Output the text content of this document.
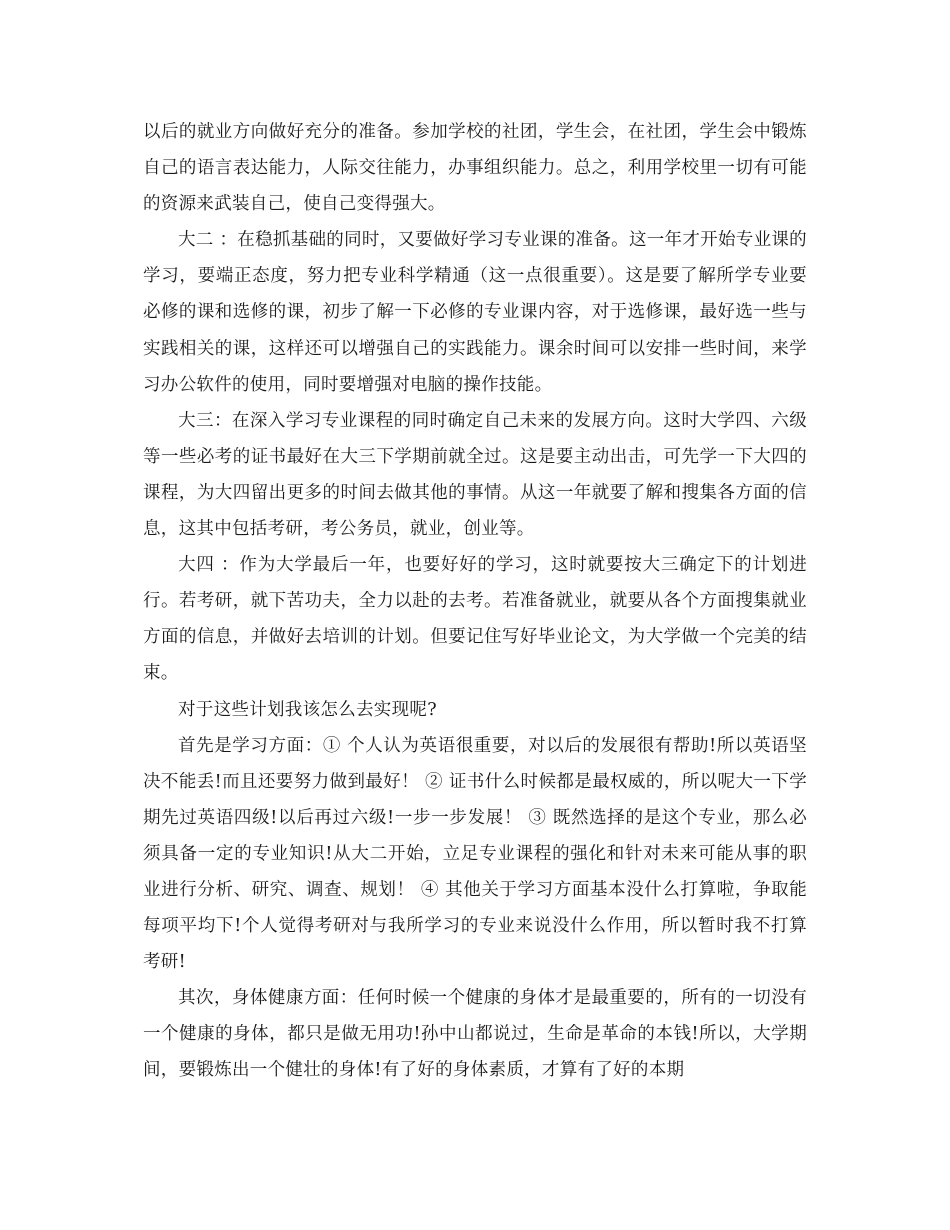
以后的就业方向做好充分的准备。参加学校的社团，学生会，在社团，学生会中锻炼自己的语言表达能力，人际交往能力，办事组织能力。总之，利用学校里一切有可能的资源来武装自己，使自己变得强大。

大二 ：在稳抓基础的同时，又要做好学习专业课的准备。这一年才开始专业课的学习，要端正态度，努力把专业科学精通（这一点很重要）。这是要了解所学专业要必修的课和选修的课，初步了解一下必修的专业课内容，对于选修课，最好选一些与实践相关的课，这样还可以增强自己的实践能力。课余时间可以安排一些时间，来学习办公软件的使用，同时要增强对电脑的操作技能。

大三：在深入学习专业课程的同时确定自己未来的发展方向。这时大学四、六级等一些必考的证书最好在大三下学期前就全过。这是要主动出击，可先学一下大四的课程，为大四留出更多的时间去做其他的事情。从这一年就要了解和搜集各方面的信息，这其中包括考研，考公务员，就业，创业等。

大四 ：作为大学最后一年，也要好好的学习，这时就要按大三确定下的计划进行。若考研，就下苦功夫，全力以赴的去考。若准备就业，就要从各个方面搜集就业方面的信息，并做好去培训的计划。但要记住写好毕业论文，为大学做一个完美的结束。

对于这些计划我该怎么去实现呢?

首先是学习方面：① 个人认为英语很重要，对以后的发展很有帮助!所以英语坚决不能丢!而且还要努力做到最好！ ② 证书什么时候都是最权威的，所以呢大一下学期先过英语四级!以后再过六级!一步一步发展！ ③ 既然选择的是这个专业，那么必须具备一定的专业知识!从大二开始，立足专业课程的强化和针对未来可能从事的职业进行分析、研究、调查、规划！ ④ 其他关于学习方面基本没什么打算啦，争取能每项平均下!个人觉得考研对与我所学习的专业来说没什么作用，所以暂时我不打算考研!

其次，身体健康方面：任何时候一个健康的身体才是最重要的，所有的一切没有一个健康的身体，都只是做无用功!孙中山都说过，生命是革命的本钱!所以，大学期间，要锻炼出一个健壮的身体!有了好的身体素质，才算有了好的本期
